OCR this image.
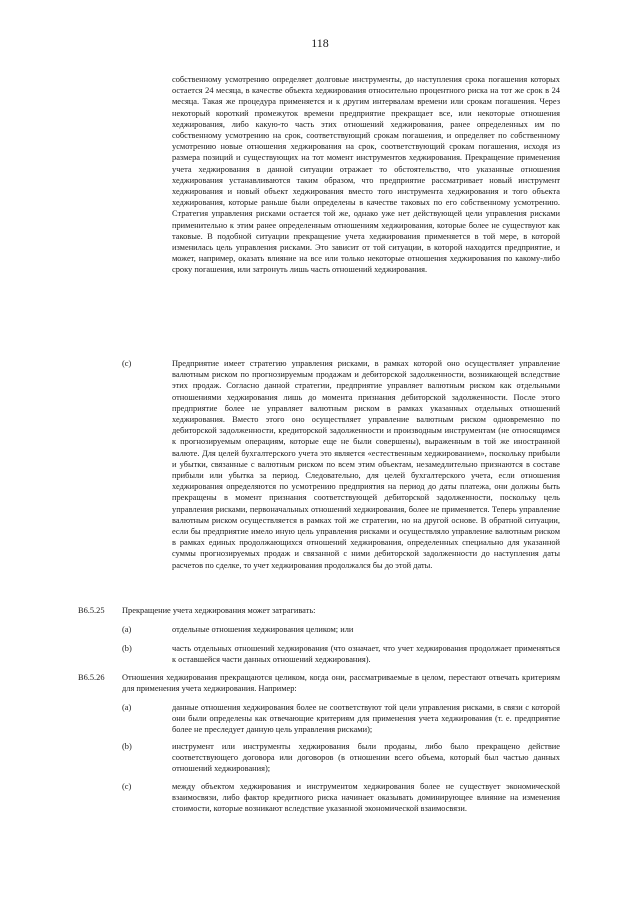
118
собственному усмотрению определяет долговые инструменты, до наступления срока погашения которых остается 24 месяца, в качестве объекта хеджирования относительно процентного риска на тот же срок в 24 месяца. Такая же процедура применяется и к другим интервалам времени или срокам погашения. Через некоторый короткий промежуток времени предприятие прекращает все, или некоторые отношения хеджирования, либо какую-то часть этих отношений хеджирования, ранее определенных им по собственному усмотрению на срок, соответствующий срокам погашения, и определяет по собственному усмотрению новые отношения хеджирования на срок, соответствующий срокам погашения, исходя из размера позиций и существующих на тот момент инструментов хеджирования. Прекращение применения учета хеджирования в данной ситуации отражает то обстоятельство, что указанные отношения хеджирования устанавливаются таким образом, что предприятие рассматривает новый инструмент хеджирования и новый объект хеджирования вместо того инструмента хеджирования и того объекта хеджирования, которые раньше были определены в качестве таковых по его собственному усмотрению. Стратегия управления рисками остается той же, однако уже нет действующей цели управления рисками применительно к этим ранее определенным отношениям хеджирования, которые более не существуют как таковые. В подобной ситуации прекращение учета хеджирования применяется в той мере, в которой изменилась цель управления рисками. Это зависит от той ситуации, в которой находится предприятие, и может, например, оказать влияние на все или только некоторые отношения хеджирования по какому-либо сроку погашения, или затронуть лишь часть отношений хеджирования.
(c)	Предприятие имеет стратегию управления рисками, в рамках которой оно осуществляет управление валютным риском по прогнозируемым продажам и дебиторской задолженности, возникающей вследствие этих продаж. Согласно данной стратегии, предприятие управляет валютным риском как отдельными отношениями хеджирования лишь до момента признания дебиторской задолженности. После этого предприятие более не управляет валютным риском в рамках указанных отдельных отношений хеджирования. Вместо этого оно осуществляет управление валютным риском одновременно по дебиторской задолженности, кредиторской задолженности и производным инструментам (не относящимся к прогнозируемым операциям, которые еще не были совершены), выраженным в той же иностранной валюте. Для целей бухгалтерского учета это является «естественным хеджированием», поскольку прибыли и убытки, связанные с валютным риском по всем этим объектам, незамедлительно признаются в составе прибыли или убытка за период. Следовательно, для целей бухгалтерского учета, если отношения хеджирования определяются по усмотрению предприятия на период до даты платежа, они должны быть прекращены в момент признания соответствующей дебиторской задолженности, поскольку цель управления рисками, первоначальных отношений хеджирования, более не применяется. Теперь управление валютным риском осуществляется в рамках той же стратегии, но на другой основе. В обратной ситуации, если бы предприятие имело иную цель управления рисками и осуществляло управление валютным риском в рамках единых продолжающихся отношений хеджирования, определенных специально для указанной суммы прогнозируемых продаж и связанной с ними дебиторской задолженности до наступления даты расчетов по сделке, то учет хеджирования продолжался бы до этой даты.
B6.5.25 Прекращение учета хеджирования может затрагивать:
(a)	отдельные отношения хеджирования целиком; или
(b)	часть отдельных отношений хеджирования (что означает, что учет хеджирования продолжает применяться к оставшейся части данных отношений хеджирования).
B6.5.26 Отношения хеджирования прекращаются целиком, когда они, рассматриваемые в целом, перестают отвечать критериям для применения учета хеджирования. Например:
(a)	данные отношения хеджирования более не соответствуют той цели управления рисками, в связи с которой они были определены как отвечающие критериям для применения учета хеджирования (т. е. предприятие более не преследует данную цель управления рисками);
(b)	инструмент или инструменты хеджирования были проданы, либо было прекращено действие соответствующего договора или договоров (в отношении всего объема, который был частью данных отношений хеджирования);
(c)	между объектом хеджирования и инструментом хеджирования более не существует экономической взаимосвязи, либо фактор кредитного риска начинает оказывать доминирующее влияние на изменения стоимости, которые возникают вследствие указанной экономической взаимосвязи.
